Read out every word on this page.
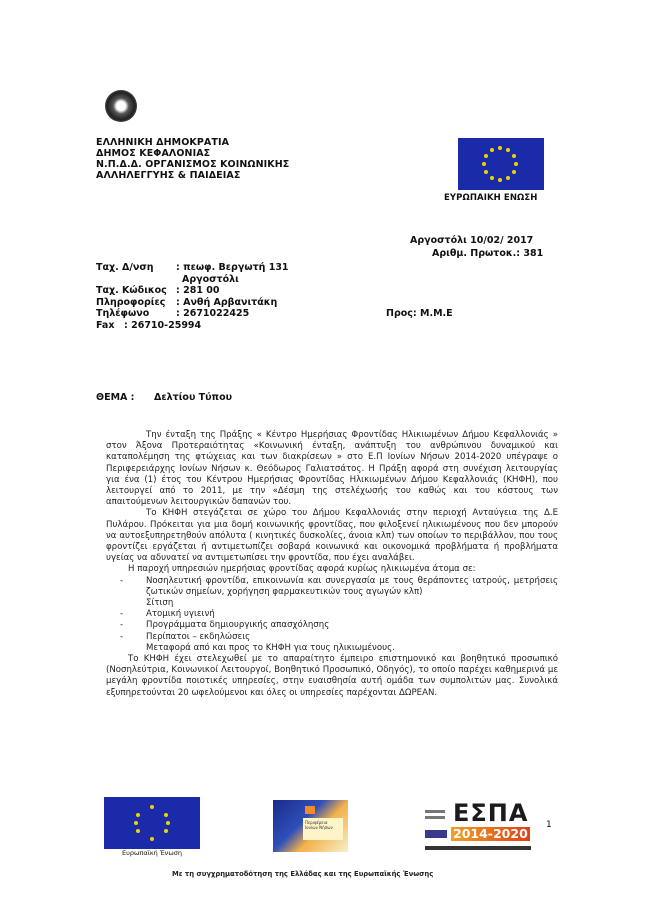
ΕΛΛΗΝΙΚΗ ΔΗΜΟΚΡΑΤΙΑ
ΔΗΜΟΣ ΚΕΦΑΛΟΝΙΑΣ
Ν.Π.Δ.Δ. ΟΡΓΑΝΙΣΜΟΣ ΚΟΙΝΩΝΙΚΗΣ
ΑΛΛΗΛΕΓΓΥΗΣ & ΠΑΙΔΕΙΑΣ
ΕΥΡΩΠΑΙΚΗ ΕΝΩΣΗ
Αργοστόλι 10/02/ 2017
Αριθμ. Πρωτοκ.: 381
Ταχ. Δ/νση	: πεωφ. Βεργωτή 131
Αργοστόλι
Ταχ. Κώδικος : 281 00
Πληροφορίες	: Ανθή Αρβανιτάκη
Τηλέφωνο	: 2671022425	Προς: Μ.Μ.Ε
Fax	: 26710-25994
ΘΕΜΑ :	Δελτίου Τύπου

Την ένταξη της Πράξης « Κέντρο Ημερήσιας Φροντίδας Ηλικιωμένων Δήμου Κεφαλλονιάς » στον Άξονα Προτεραιότητας «Κοινωνική ένταξη, ανάπτυξη του ανθρώπινου δυναμικού και καταπολέμηση της φτώχειας και των διακρίσεων » στο Ε.Π Ιονίων Νήσων 2014-2020 υπέγραψε ο Περιφερειάρχης Ιονίων Νήσων κ. Θεόδωρος Γαλιατσάτος. Η Πράξη αφορά στη συνέχιση λειτουργίας για ένα (1) έτος του Κέντρου Ημερήσιας Φροντίδας Ηλικιωμένων Δήμου Κεφαλλονιάς (ΚΗΦΗ), που λειτουργεί από το 2011, με την «Δέσμη της στελέχωσής του καθώς και του κόστους των απαιτούμενων λειτουργικών δαπανών του.

Το ΚΗΦΗ στεγάζεται σε χώρο του Δήμου Κεφαλλονιάς στην περιοχή Ανταύγεια της Δ.Ε Πυλάρου. Πρόκειται για μια δομή κοινωνικής φροντίδας, που φιλοξενεί ηλικιωμένους που δεν μπορούν να αυτοεξυπηρετηθούν απόλυτα ( κινητικές δυσκολίες, άνοια κλπ) των οποίων το περιβάλλον, που τους φροντίζει εργάζεται ή αντιμετωπίζει σοβαρά κοινωνικά και οικονομικά προβλήματα ή προβλήματα υγείας να αδυνατεί να αντιμετωπίσει την φροντίδα, που έχει αναλάβει.

Η παροχή υπηρεσιών ημερήσιας φροντίδας αφορά κυρίως ηλικιωμένα άτομα σε:

-	Νοσηλευτική φροντίδα, επικοινωνία και συνεργασία με τους θεράποντες ιατρούς, μετρήσεις ζωτικών σημείων, χορήγηση φαρμακευτικών τους αγωγών κλπ)
Σίτιση
-	Ατομική υγιεινή
-	Προγράμματα δημιουργικής απασχόλησης
-	Περίπατοι – εκδηλώσεις
Μεταφορά από και προς το ΚΗΦΗ για τους ηλικιωμένους.

Το ΚΗΦΗ έχει στελεχωθεί με το απαραίτητο έμπειρο επιστημονικό και βοηθητικό προσωπικό (Νοσηλεύτρια, Κοινωνικοί Λειτουργοί, Βοηθητικό Προσωπικό, Οδηγός), το οποίο παρέχει καθημερινά με μεγάλη φροντίδα ποιοτικές υπηρεσίες, στην ευαισθησία αυτή ομάδα των συμπολιτών μας. Συνολικά εξυπηρετούνται 20 ωφελούμενοι και όλες οι υπηρεσίες παρέχονται ΔΩΡΕΑΝ.

Ευρωπαϊκή Ένωση
Περιφέρεια Ιονίων Νήσων
ΕΣΠΑ
2014-2020
1
Με τη συγχρηματοδότηση της Ελλάδας και της Ευρωπαϊκής Ένωσης
